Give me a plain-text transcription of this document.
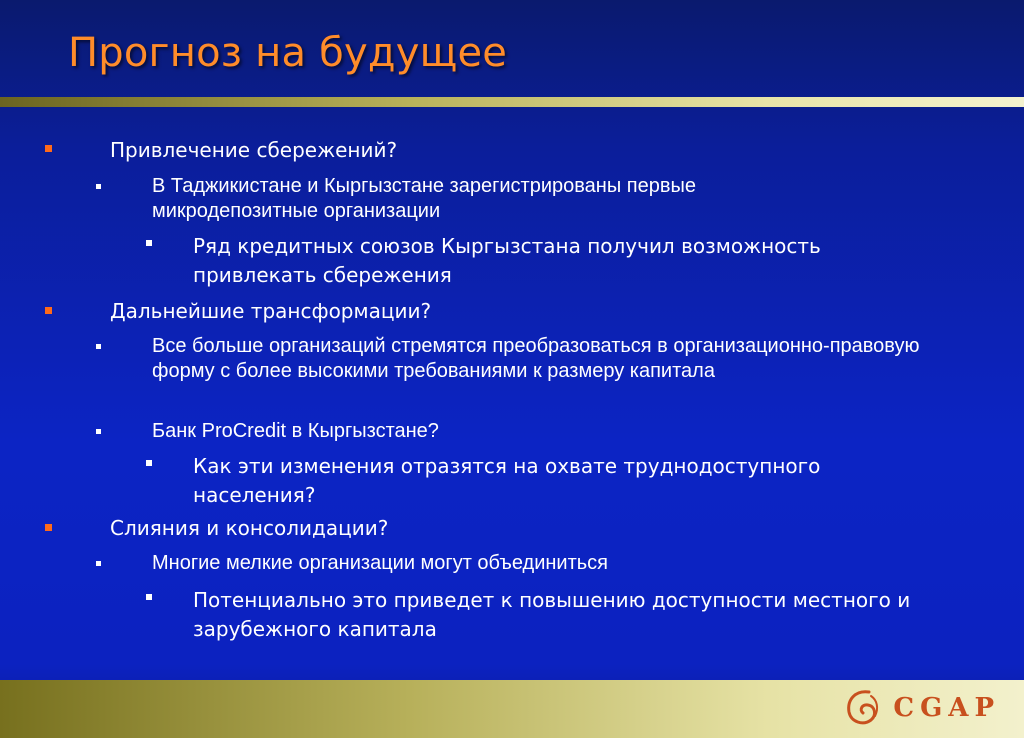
Прогноз на будущее
Привлечение сбережений?
В Таджикистане и Кыргызстане зарегистрированы первые микродепозитные организации
Ряд кредитных союзов Кыргызстана получил возможность привлекать сбережения
Дальнейшие трансформации?
Все больше организаций стремятся преобразоваться в организационно-правовую форму с более высокими требованиями к размеру капитала
Банк ProCredit в Кыргызстане?
Как эти изменения отразятся на охвате труднодоступного населения?
Слияния и консолидации?
Многие мелкие организации могут объединиться
Потенциально это приведет к повышению доступности местного и зарубежного капитала
CGAP
